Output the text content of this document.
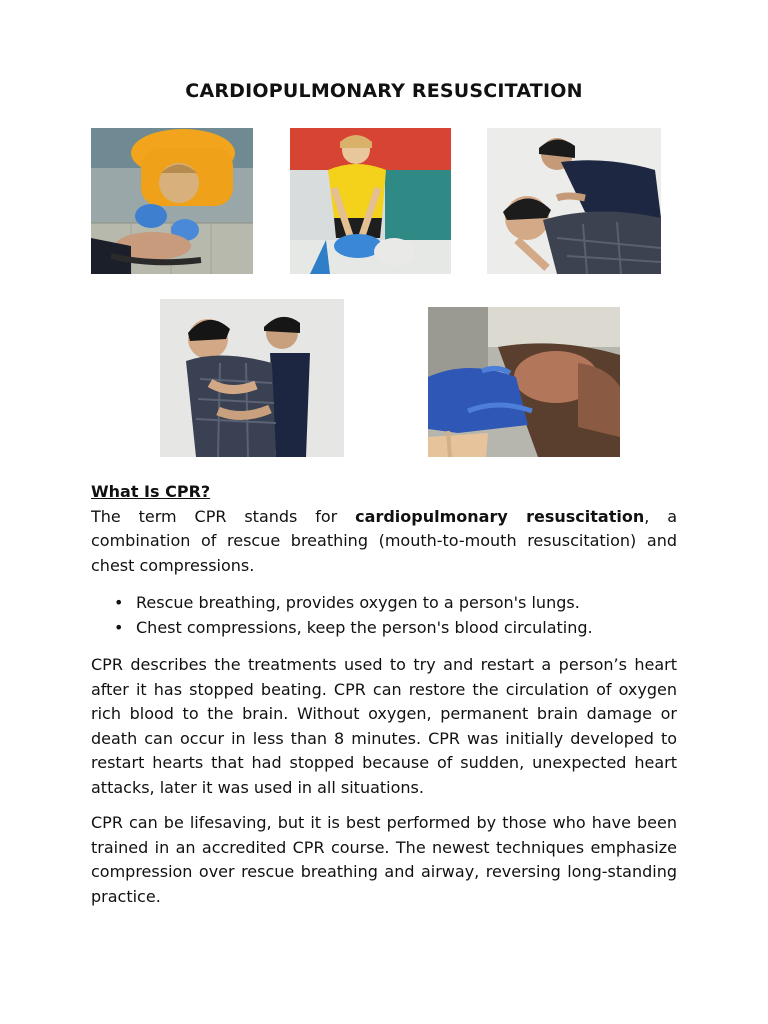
CARDIOPULMONARY RESUSCITATION

What Is CPR?

The term CPR stands for cardiopulmonary resuscitation, a combination of rescue breathing (mouth-to-mouth resuscitation) and chest compressions.

• Rescue breathing, provides oxygen to a person's lungs.
• Chest compressions, keep the person's blood circulating.

CPR describes the treatments used to try and restart a person’s heart after it has stopped beating. CPR can restore the circulation of oxygen rich blood to the brain. Without oxygen, permanent brain damage or death can occur in less than 8 minutes. CPR was initially developed to restart hearts that had stopped because of sudden, unexpected heart attacks, later it was used in all situations.

CPR can be lifesaving, but it is best performed by those who have been trained in an accredited CPR course. The newest techniques emphasize compression over rescue breathing and airway, reversing long-standing practice.
